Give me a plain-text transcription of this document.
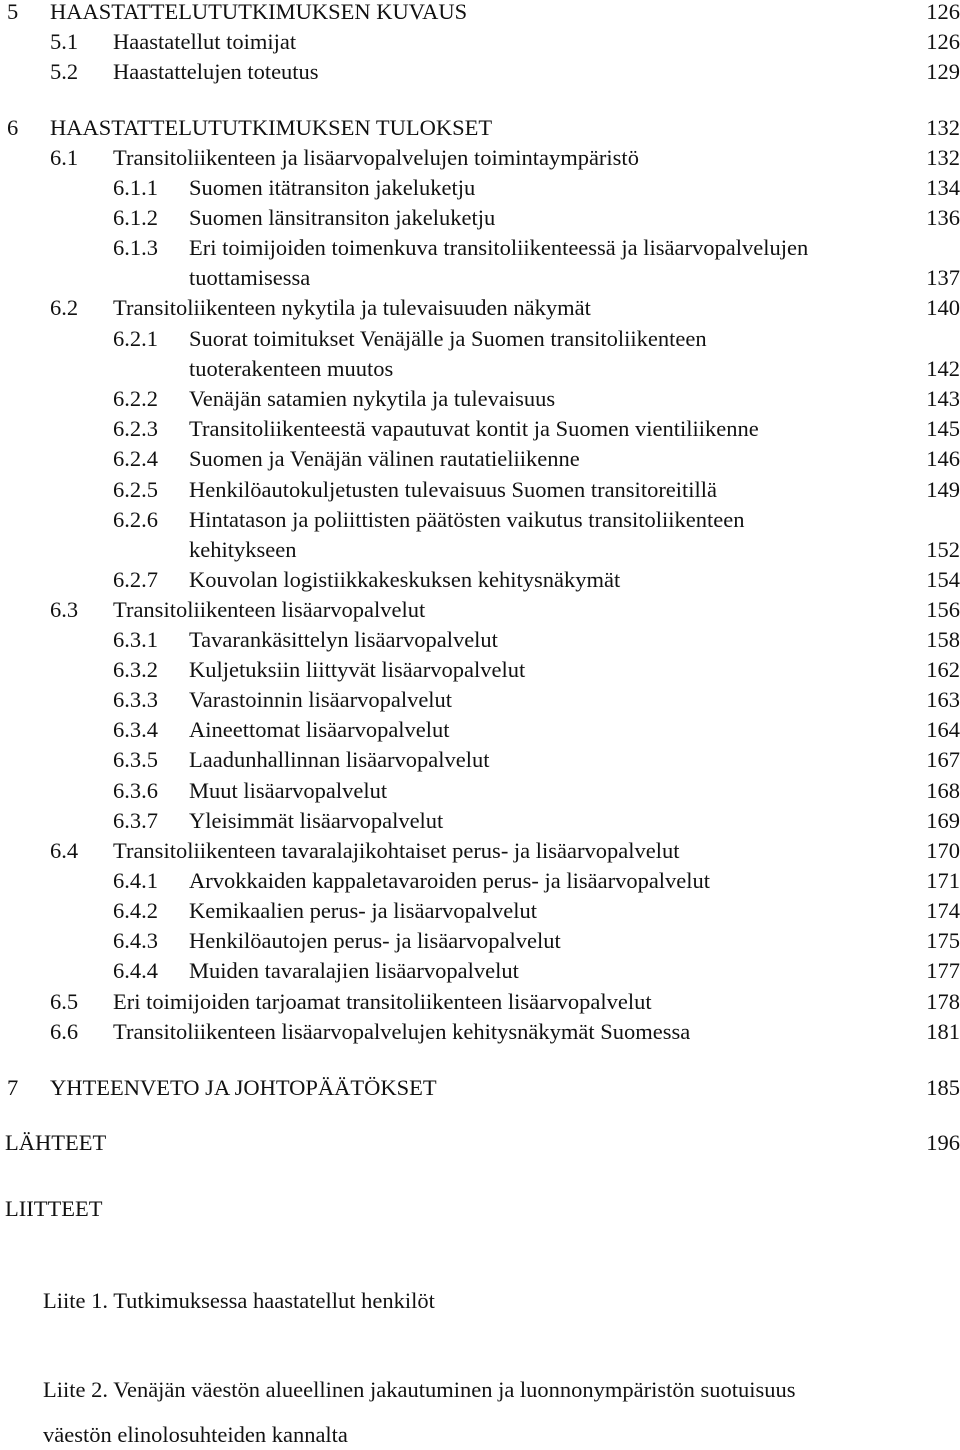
5 HAASTATTELUTUTKIMUKSEN KUVAUS	126
5.1 Haastatellut toimijat	126
5.2 Haastattelujen toteutus	129
6 HAASTATTELUTUTKIMUKSEN TULOKSET	132
6.1 Transitoliikenteen ja lisäarvopalvelujen toimintaympäristö	132
6.1.1 Suomen itätransiton jakeluketju	134
6.1.2 Suomen länsitransiton jakeluketju	136
6.1.3 Eri toimijoiden toimenkuva transitoliikenteessä ja lisäarvopalvelujen
tuottamisessa	137
6.2 Transitoliikenteen nykytila ja tulevaisuuden näkymät	140
6.2.1 Suorat toimitukset Venäjälle ja Suomen transitoliikenteen
tuoterakenteen muutos	142
6.2.2 Venäjän satamien nykytila ja tulevaisuus	143
6.2.3 Transitoliikenteestä vapautuvat kontit ja Suomen vientiliikenne	145
6.2.4 Suomen ja Venäjän välinen rautatieliikenne	146
6.2.5 Henkilöautokuljetusten tulevaisuus Suomen transitoreitillä	149
6.2.6 Hintatason ja poliittisten päätösten vaikutus transitoliikenteen
kehitykseen	152
6.2.7 Kouvolan logistiikkakeskuksen kehitysnäkymät	154
6.3 Transitoliikenteen lisäarvopalvelut	156
6.3.1 Tavarankäsittelyn lisäarvopalvelut	158
6.3.2 Kuljetuksiin liittyvät lisäarvopalvelut	162
6.3.3 Varastoinnin lisäarvopalvelut	163
6.3.4 Aineettomat lisäarvopalvelut	164
6.3.5 Laadunhallinnan lisäarvopalvelut	167
6.3.6 Muut lisäarvopalvelut	168
6.3.7 Yleisimmät lisäarvopalvelut	169
6.4 Transitoliikenteen tavaralajikohtaiset perus- ja lisäarvopalvelut	170
6.4.1 Arvokkaiden kappaletavaroiden perus- ja lisäarvopalvelut	171
6.4.2 Kemikaalien perus- ja lisäarvopalvelut	174
6.4.3 Henkilöautojen perus- ja lisäarvopalvelut	175
6.4.4 Muiden tavaralajien lisäarvopalvelut	177
6.5 Eri toimijoiden tarjoamat transitoliikenteen lisäarvopalvelut	178
6.6 Transitoliikenteen lisäarvopalvelujen kehitysnäkymät Suomessa	181
7 YHTEENVETO JA JOHTOPÄÄTÖKSET	185
LÄHTEET	196
LIITTEET
Liite 1. Tutkimuksessa haastatellut henkilöt
Liite 2. Venäjän väestön alueellinen jakautuminen ja luonnonympäristön suotuisuus
väestön elinolosuhteiden kannalta
